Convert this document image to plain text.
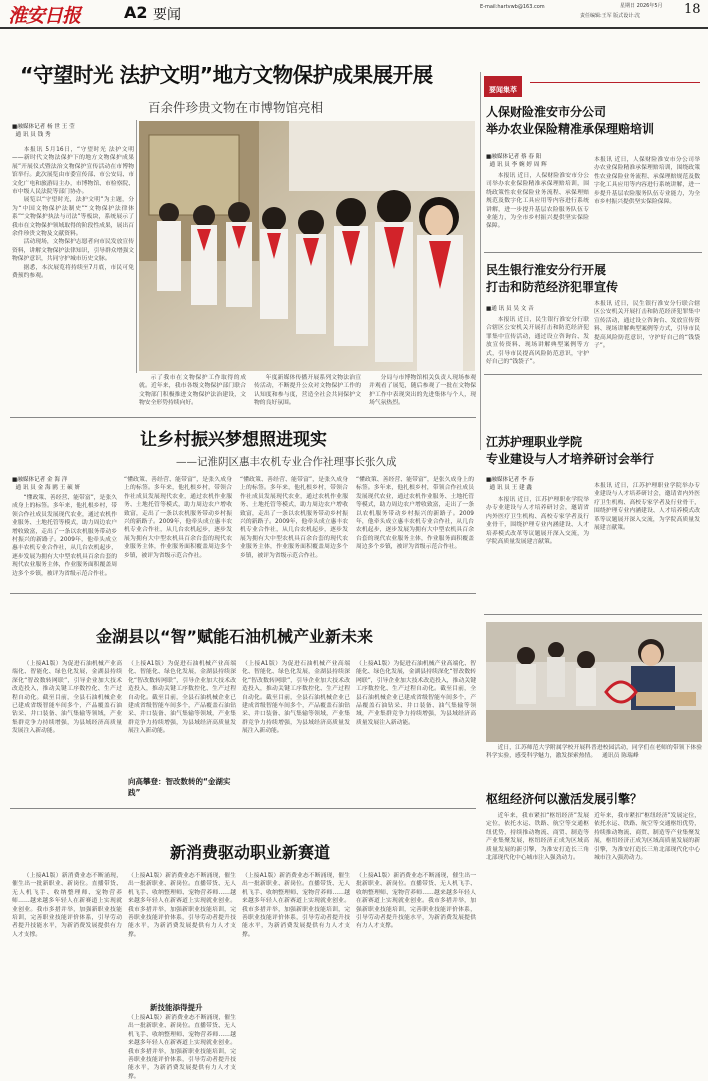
淮安日报	A2 要闻	E-mail:hartvwb@163.com	星期日 2026年5月
责任编辑:王军 版式设计:沈	18
“守望时光 法护文明”地方文物保护成果展开展
百余件珍贵文物在市博物馆亮相
■融媒体记者 杨 世 王 莹
通 讯 员 钱 秀

本报讯 5月16日，“守望时光 法护文明——新时代文物法保护下的地方文物保护成果展”开展仪式暨法治文物保护宣传活动在市博物馆举行。此次展览由市委宣传部、市公安局、市文化广电和旅游局主办，市博物馆、市检察院、市中级人民法院等部门协办。

展览以“守望时光，法护文明”为主题，分为“中国文物保护法制史”“文物保护法律体系”“文物保护执法与司法”等板块，系统展示了我市在文物保护领域取得的阶段性成果，展出百余件珍贵文物及文献资料。

活动现场，文物保护志愿者向市民发放宣传资料，讲解文物保护法律知识，引导群众增强文物保护意识，共同守护城市历史文脉。

据悉，本次展览将持续至7月底，市民可免费预约参观。

示了我市在文物保护工作取得的成就。近年来，我市各级文物保护部门联合文物部门积极推进文物保护法治建设，文物安全形势持续向好。
年度新媒体传播开展系列文物法治宣传活动，不断提升公众对文物保护工作的认知度和参与度，营造全社会共同保护文物的良好氛围。
分局与市博物馆相关负责人现场参观并观看了展览，随后参观了一批在文物保护工作中表现突出的先进集体与个人，现场气氛热烈。
要闻集萃
人保财险淮安市分公司
举办农业保险精准承保理赔培训
■融媒体记者 蔡 春 阳
通 讯 员 李 婉 婷 周 辉
本报讯 近日，人保财险淮安市分公司举办农业保险精准承保理赔培训，围绕政策性农业保险业务流程、承保理赔规范及数字化工具应用等内容进行系统讲解，进一步提升基层农险服务队伍专业能力，为全市乡村振兴提供坚实保险保障。
本报讯 近日，人保财险淮安市分公司举办农业保险精准承保理赔培训，围绕政策性农业保险业务流程、承保理赔规范及数字化工具应用等内容进行系统讲解，进一步提升基层农险服务队伍专业能力，为全市乡村振兴提供坚实保险保障。
民生银行淮安分行开展
打击和防范经济犯罪宣传
■通 讯 员 吴 文 音
本报讯 近日，民生银行淮安分行联合辖区公安机关开展打击和防范经济犯罪集中宣传活动，通过设立咨询台、发放宣传资料、现场讲解典型案例等方式，引导市民提高风险防范意识，守护好自己的“钱袋子”。
本报讯 近日，民生银行淮安分行联合辖区公安机关开展打击和防范经济犯罪集中宣传活动，通过设立咨询台、发放宣传资料、现场讲解典型案例等方式，引导市民提高风险防范意识，守护好自己的“钱袋子”。
江苏护理职业学院
专业建设与人才培养研讨会举行
■融媒体记者 李 春
通 讯 员 王 建 鑫
本报讯 近日，江苏护理职业学院举办专业建设与人才培养研讨会，邀请省内外医疗卫生机构、高校专家学者及行业骨干，围绕护理专业内涵建设、人才培养模式改革等议题展开深入交流，为学院高质量发展建言献策。
本报讯 近日，江苏护理职业学院举办专业建设与人才培养研讨会，邀请省内外医疗卫生机构、高校专家学者及行业骨干，围绕护理专业内涵建设、人才培养模式改革等议题展开深入交流，为学院高质量发展建言献策。
近日，江苏师范大学附属学校开展科普进校园活动，同学们在老师的带领下体验科学实验，感受科学魅力，激发探索热情。 通讯员 陈瑞峰
枢纽经济何以激活发展引擎？
近年来，我市紧扣“枢纽经济”发展定位，依托水运、铁路、航空等交通枢纽优势，持续推动物流、商贸、制造等产业集聚发展，枢纽经济正成为区域高质量发展的新引擎，为淮安打造长三角北部现代化中心城市注入强劲动力。
近年来，我市紧扣“枢纽经济”发展定位，依托水运、铁路、航空等交通枢纽优势，持续推动物流、商贸、制造等产业集聚发展，枢纽经济正成为区域高质量发展的新引擎，为淮安打造长三角北部现代化中心城市注入强劲动力。
让乡村振兴梦想照进现实
——记淮阴区惠丰农机专业合作社理事长张久成
■融媒体记者 金 海 洋
通 讯 员 金 海 鸥 王 硕 妍
“懂政策、善经营、能带富”，是张久成身上的标签。多年来，他扎根乡村，带领合作社成员发展现代农业，通过农机作业服务、土地托管等模式，助力周边农户增收致富，走出了一条以农机服务带动乡村振兴的新路子。2009年，他牵头成立惠丰农机专业合作社，从几台农机起步，逐步发展为拥有大中型农机具百余台套的现代农业服务主体，作业服务面积覆盖周边多个乡镇，被评为省级示范合作社。
“懂政策、善经营、能带富”，是张久成身上的标签。多年来，他扎根乡村，带领合作社成员发展现代农业，通过农机作业服务、土地托管等模式，助力周边农户增收致富，走出了一条以农机服务带动乡村振兴的新路子。2009年，他牵头成立惠丰农机专业合作社，从几台农机起步，逐步发展为拥有大中型农机具百余台套的现代农业服务主体，作业服务面积覆盖周边多个乡镇，被评为省级示范合作社。
“懂政策、善经营、能带富”，是张久成身上的标签。多年来，他扎根乡村，带领合作社成员发展现代农业，通过农机作业服务、土地托管等模式，助力周边农户增收致富，走出了一条以农机服务带动乡村振兴的新路子。2009年，他牵头成立惠丰农机专业合作社，从几台农机起步，逐步发展为拥有大中型农机具百余台套的现代农业服务主体，作业服务面积覆盖周边多个乡镇，被评为省级示范合作社。
“懂政策、善经营、能带富”，是张久成身上的标签。多年来，他扎根乡村，带领合作社成员发展现代农业，通过农机作业服务、土地托管等模式，助力周边农户增收致富，走出了一条以农机服务带动乡村振兴的新路子。2009年，他牵头成立惠丰农机专业合作社，从几台农机起步，逐步发展为拥有大中型农机具百余台套的现代农业服务主体，作业服务面积覆盖周边多个乡镇，被评为省级示范合作社。
金湖县以“智”赋能石油机械产业新未来
（上接A1版）为促进石油机械产业高端化、智能化、绿色化发展，金湖县持续深化“智改数转网联”，引导企业加大技术改造投入，推动关键工序数控化、生产过程自动化。截至目前，全县石油机械企业已建成省级智能车间多个，产品覆盖石油钻采、井口装备、油气集输等领域，产业集群竞争力持续增强，为县域经济高质量发展注入新动能。
（上接A1版）为促进石油机械产业高端化、智能化、绿色化发展，金湖县持续深化“智改数转网联”，引导企业加大技术改造投入，推动关键工序数控化、生产过程自动化。截至目前，全县石油机械企业已建成省级智能车间多个，产品覆盖石油钻采、井口装备、油气集输等领域，产业集群竞争力持续增强，为县域经济高质量发展注入新动能。
（上接A1版）为促进石油机械产业高端化、智能化、绿色化发展，金湖县持续深化“智改数转网联”，引导企业加大技术改造投入，推动关键工序数控化、生产过程自动化。截至目前，全县石油机械企业已建成省级智能车间多个，产品覆盖石油钻采、井口装备、油气集输等领域，产业集群竞争力持续增强，为县域经济高质量发展注入新动能。
（上接A1版）为促进石油机械产业高端化、智能化、绿色化发展，金湖县持续深化“智改数转网联”，引导企业加大技术改造投入，推动关键工序数控化、生产过程自动化。截至目前，全县石油机械企业已建成省级智能车间多个，产品覆盖石油钻采、井口装备、油气集输等领域，产业集群竞争力持续增强，为县域经济高质量发展注入新动能。
向高攀登：智改数转的“金湖实践”
新消费驱动职业新赛道
（上接A1版）新消费业态不断涌现，催生出一批新职业、新岗位。直播带货、无人机飞手、收纳整理师、宠物营养师……越来越多年轻人在新赛道上实现就业创业。我市多措并举，加强新职业技能培训，完善职业技能评价体系，引导劳动者提升技能水平，为新消费发展提供有力人才支撑。
（上接A1版）新消费业态不断涌现，催生出一批新职业、新岗位。直播带货、无人机飞手、收纳整理师、宠物营养师……越来越多年轻人在新赛道上实现就业创业。我市多措并举，加强新职业技能培训，完善职业技能评价体系，引导劳动者提升技能水平，为新消费发展提供有力人才支撑。
新技能添得提升
（上接A1版）新消费业态不断涌现，催生出一批新职业、新岗位。直播带货、无人机飞手、收纳整理师、宠物营养师……越来越多年轻人在新赛道上实现就业创业。我市多措并举，加强新职业技能培训，完善职业技能评价体系，引导劳动者提升技能水平，为新消费发展提供有力人才支撑。
（上接A1版）新消费业态不断涌现，催生出一批新职业、新岗位。直播带货、无人机飞手、收纳整理师、宠物营养师……越来越多年轻人在新赛道上实现就业创业。我市多措并举，加强新职业技能培训，完善职业技能评价体系，引导劳动者提升技能水平，为新消费发展提供有力人才支撑。
（上接A1版）新消费业态不断涌现，催生出一批新职业、新岗位。直播带货、无人机飞手、收纳整理师、宠物营养师……越来越多年轻人在新赛道上实现就业创业。我市多措并举，加强新职业技能培训，完善职业技能评价体系，引导劳动者提升技能水平，为新消费发展提供有力人才支撑。
